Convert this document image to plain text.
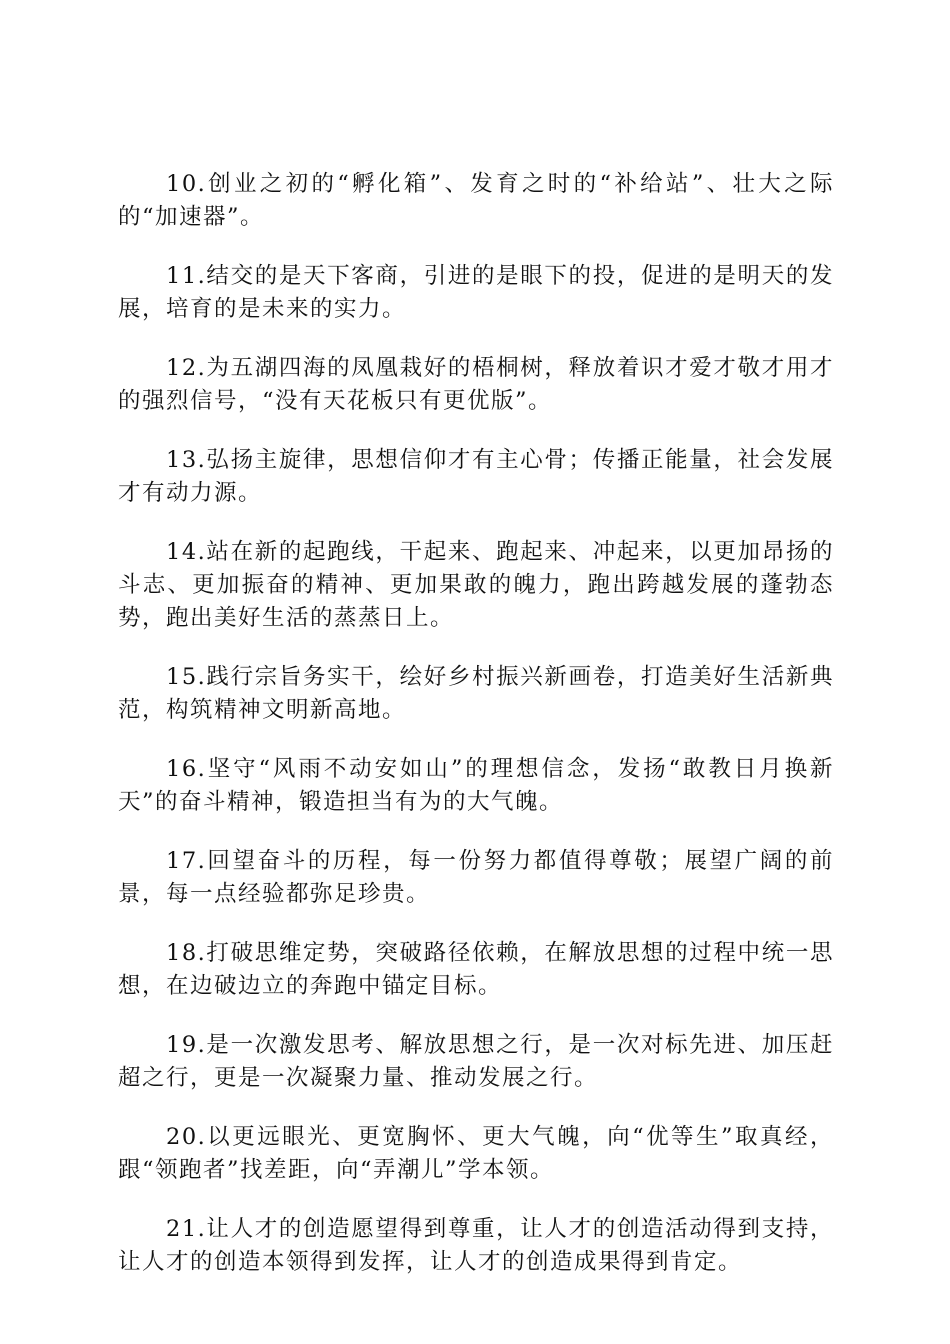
10.创业之初的“孵化箱”、发育之时的“补给站”、壮大之际的“加速器”。

11.结交的是天下客商，引进的是眼下的投，促进的是明天的发展，培育的是未来的实力。

12.为五湖四海的凤凰栽好的梧桐树，释放着识才爱才敬才用才的强烈信号，“没有天花板只有更优版”。

13.弘扬主旋律，思想信仰才有主心骨；传播正能量，社会发展才有动力源。

14.站在新的起跑线，干起来、跑起来、冲起来，以更加昂扬的斗志、更加振奋的精神、更加果敢的魄力，跑出跨越发展的蓬勃态势，跑出美好生活的蒸蒸日上。

15.践行宗旨务实干，绘好乡村振兴新画卷，打造美好生活新典范，构筑精神文明新高地。

16.坚守“风雨不动安如山”的理想信念，发扬“敢教日月换新天”的奋斗精神，锻造担当有为的大气魄。

17.回望奋斗的历程，每一份努力都值得尊敬；展望广阔的前景，每一点经验都弥足珍贵。

18.打破思维定势，突破路径依赖，在解放思想的过程中统一思想，在边破边立的奔跑中锚定目标。

19.是一次激发思考、解放思想之行，是一次对标先进、加压赶超之行，更是一次凝聚力量、推动发展之行。

20.以更远眼光、更宽胸怀、更大气魄，向“优等生”取真经，跟“领跑者”找差距，向“弄潮儿”学本领。

21.让人才的创造愿望得到尊重，让人才的创造活动得到支持，让人才的创造本领得到发挥，让人才的创造成果得到肯定。
